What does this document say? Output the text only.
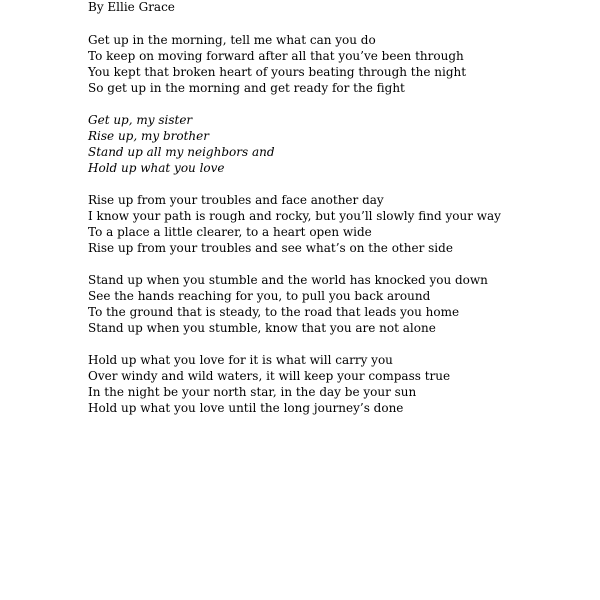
By Ellie Grace

Get up in the morning, tell me what can you do
To keep on moving forward after all that you’ve been through
You kept that broken heart of yours beating through the night
So get up in the morning and get ready for the fight
Get up, my sister
Rise up, my brother
Stand up all my neighbors and
Hold up what you love
Rise up from your troubles and face another day
I know your path is rough and rocky, but you’ll slowly find your way
To a place a little clearer, to a heart open wide
Rise up from your troubles and see what’s on the other side
Stand up when you stumble and the world has knocked you down
See the hands reaching for you, to pull you back around
To the ground that is steady, to the road that leads you home
Stand up when you stumble, know that you are not alone
Hold up what you love for it is what will carry you
Over windy and wild waters, it will keep your compass true
In the night be your north star, in the day be your sun
Hold up what you love until the long journey’s done
